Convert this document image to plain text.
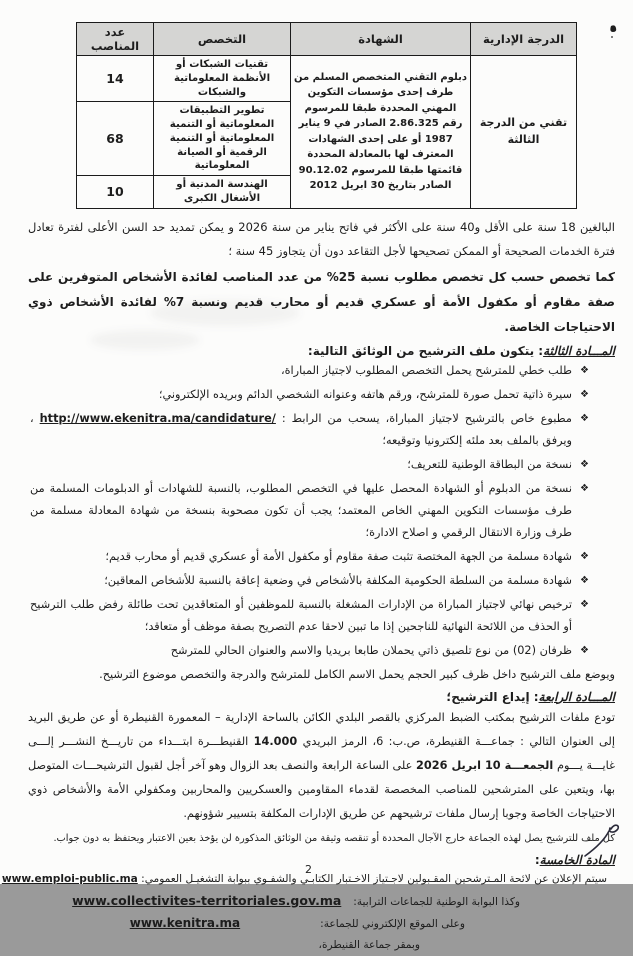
الدرجة الإدارية	الشهادة	التخصص	عدد المناصب
تقني من الدرجة الثالثة	دبلوم التقني المتخصص المسلم من طرف إحدى مؤسسات التكوين المهني المحددة طبقا للمرسوم رقم 2.86.325 الصادر في 9 يناير 1987 أو على إحدى الشهادات المعترف لها بالمعادلة المحددة قائمتها طبقا للمرسوم 90.12.02 الصادر بتاريخ 30 ابريل 2012	تقنيات الشبكات أو الأنظمة المعلوماتية والشبكات	14
		تطوير التطبيقات المعلوماتية أو التنمية المعلوماتية أو التنمية الرقمية أو الصيانة المعلوماتية	68
		الهندسة المدنية أو الأشغال الكبرى	10

البالغين 18 سنة على الأقل و40 سنة على الأكثر في فاتح يناير من سنة 2026 و يمكن تمديد حد السن الأعلى لفترة تعادل فترة الخدمات الصحيحة أو الممكن تصحيحها لأجل التقاعد دون أن يتجاوز 45 سنة ؛

كما تخصص حسب كل تخصص مطلوب نسبة 25% من عدد المناصب لفائدة الأشخاص المتوفرين على صفة مقاوم أو مكفول الأمة أو عسكري قديم أو محارب قديم ونسبة 7% لفائدة الأشخاص ذوي الاحتياجات الخاصة.

المـــادة الثالثة: يتكون ملف الترشيح من الوثائق التالية:
❖
طلب خطي للمترشح يحمل التخصص المطلوب لاجتياز المباراة،
❖
سيرة ذاتية تحمل صورة للمترشح، ورقم هاتفه وعنوانه الشخصي الدائم وبريده الإلكتروني؛
❖
مطبوع خاص بالترشيح لاجتياز المباراة، يسحب من الرابط : http://www.ekenitra.ma/candidature/ ، ويرفق بالملف بعد ملئه إلكترونيا وتوقيعه؛
❖
نسخة من البطاقة الوطنية للتعريف؛
❖
نسخة من الدبلوم أو الشهادة المحصل عليها في التخصص المطلوب، بالنسبة للشهادات أو الدبلومات المسلمة من طرف مؤسسات التكوين المهني الخاص المعتمد؛ يجب أن تكون مصحوبة بنسخة من شهادة المعادلة مسلمة من طرف وزارة الانتقال الرقمي و اصلاح الادارة؛
❖
شهادة مسلمة من الجهة المختصة تثبت صفة مقاوم أو مكفول الأمة أو عسكري قديم أو محارب قديم؛
❖
شهادة مسلمة من السلطة الحكومية المكلفة بالأشخاص في وضعية إعاقة بالنسبة للأشخاص المعاقين؛
❖
ترخيص نهائي لاجتياز المباراة من الإدارات المشغلة بالنسبة للموظفين أو المتعاقدين تحت طائلة رفض طلب الترشيح أو الحذف من اللائحة النهائية للناجحين إذا ما تبين لاحقا عدم التصريح بصفة موظف أو متعاقد؛
❖
ظرفان (02) من نوع تلصيق ذاتي يحملان طابعا بريديا والاسم والعنوان الحالي للمترشح

ويوضع ملف الترشيح داخل ظرف كبير الحجم يحمل الاسم الكامل للمترشح والدرجة والتخصص موضوع الترشيح.

المـــادة الرابعة: إيداع الترشيح؛

تودع ملفات الترشيح بمكتب الضبط المركزي بالقصر البلدي الكائن بالساحة الإدارية – المعمورة القنيطرة أو عن طريق البريد إلى العنوان التالي : جماعـــة القنيطرة، ص.ب: 6، الرمز البريدي 14.000 القنيطـــرة ابتـــداء من تاريـــخ النشـــر إلـــى غايـــة يـــوم الجمعـــة 10 ابريل 2026 على الساعة الرابعة والنصف بعد الزوال وهو آخر أجل لقبول الترشيحـــات المتوصل بها، ويتعين على المترشحين للمناصب المخصصة لقدماء المقاومين والعسكريين والمحاربين ومكفولي الأمة والأشخاص ذوي الاحتياجات الخاصة وجوبا إرسال ملفات ترشيحهم عن طريق الإدارات المكلفة بتسيير شؤونهم.

كل ملف للترشيح يصل لهذه الجماعة خارج الآجال المحددة أو تنقصه وثيقة من الوثائق المذكورة لن يؤخذ بعين الاعتبار ويحتفظ به دون جواب.

المادة الخامسة:
سيتم الإعلان عن لائحة المـترشحين المقـبولين لاجـتياز الاخـتبار الكتابـي والشفـوي ببوابة التشغيـل العمومي: www.emploi-public.ma
وكذا البوابة الوطنية للجماعات الترابية:www.collectivites-territoriales.gov.ma
وعلى الموقع الإلكتروني للجماعة:www.kenitra.ma
وبمقر جماعة القنيطرة،
2
